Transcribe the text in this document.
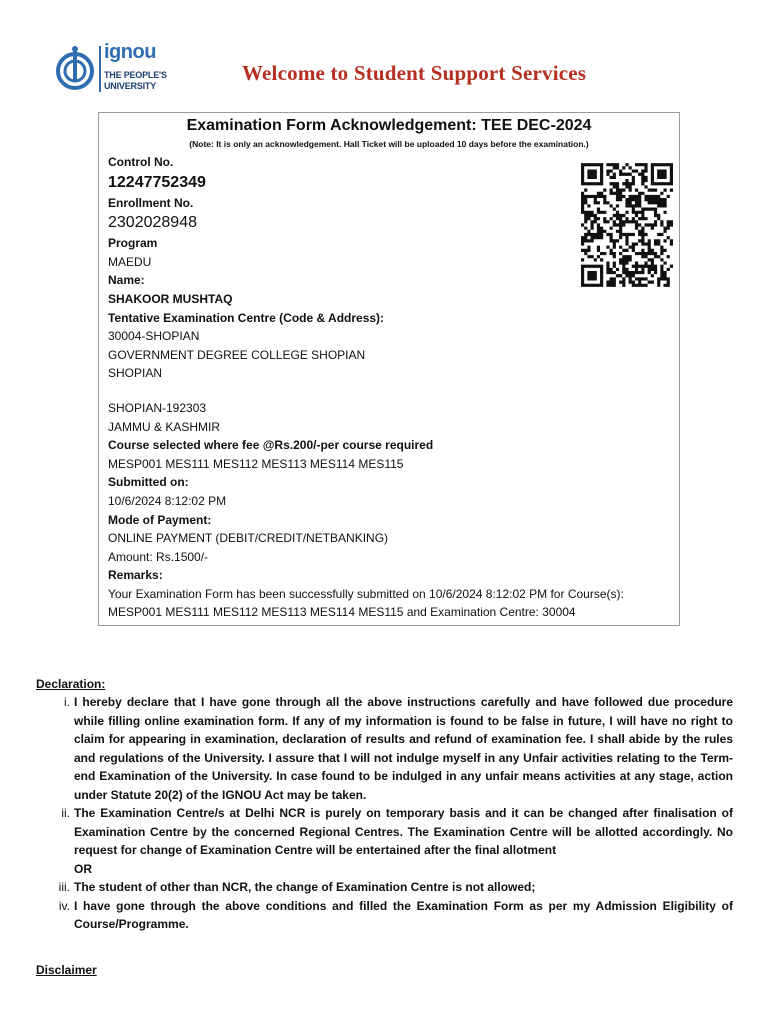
ignou
THE PEOPLE'S
UNIVERSITY
Welcome to Student Support Services
Examination Form Acknowledgement: TEE DEC-2024
(Note: It is only an acknowledgement. Hall Ticket will be uploaded 10 days before the examination.)
Control No.
12247752349
Enrollment No.
2302028948
Program
MAEDU
Name:
SHAKOOR MUSHTAQ
Tentative Examination Centre (Code & Address):
30004-SHOPIAN
GOVERNMENT DEGREE COLLEGE SHOPIAN
SHOPIAN
SHOPIAN-192303
JAMMU & KASHMIR
Course selected where fee @Rs.200/-per course required
MESP001 MES111 MES112 MES113 MES114 MES115
Submitted on:
10/6/2024 8:12:02 PM
Mode of Payment:
ONLINE PAYMENT (DEBIT/CREDIT/NETBANKING)
Amount: Rs.1500/-
Remarks:
Your Examination Form has been successfully submitted on 10/6/2024 8:12:02 PM for Course(s):
MESP001 MES111 MES112 MES113 MES114 MES115 and Examination Centre: 30004
Declaration:
i. I hereby declare that I have gone through all the above instructions carefully and have followed due procedure while filling online examination form. If any of my information is found to be false in future, I will have no right to claim for appearing in examination, declaration of results and refund of examination fee. I shall abide by the rules and regulations of the University. I assure that I will not indulge myself in any Unfair activities relating to the Term-end Examination of the University. In case found to be indulged in any unfair means activities at any stage, action under Statute 20(2) of the IGNOU Act may be taken.
ii. The Examination Centre/s at Delhi NCR is purely on temporary basis and it can be changed after finalisation of Examination Centre by the concerned Regional Centres. The Examination Centre will be allotted accordingly. No request for change of Examination Centre will be entertained after the final allotment
OR
iii. The student of other than NCR, the change of Examination Centre is not allowed;
iv. I have gone through the above conditions and filled the Examination Form as per my Admission Eligibility of Course/Programme.
Disclaimer
